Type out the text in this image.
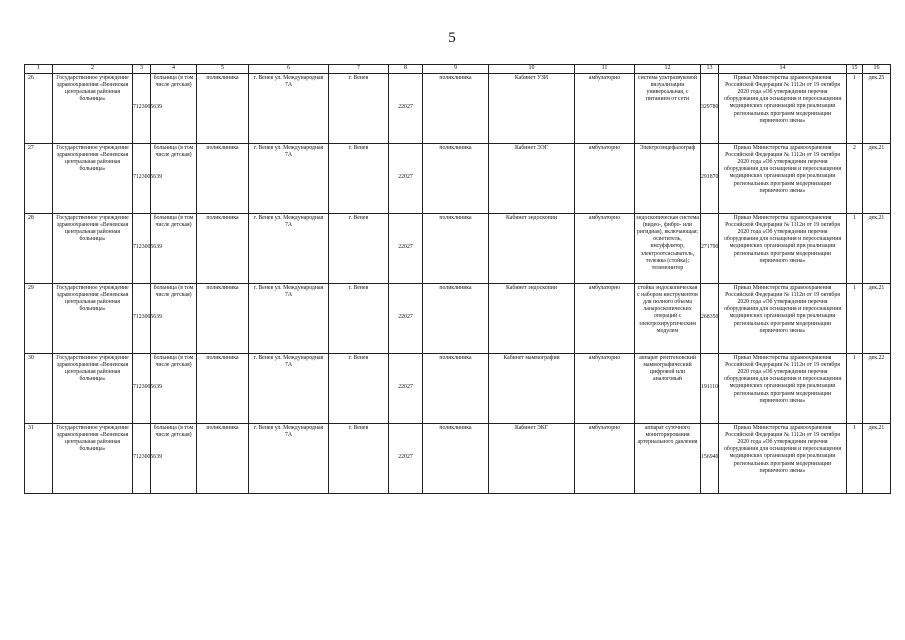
5
1	2	3	4	5	6	7	8	9	10	11	12	13	14	15	16
26	Государственное учреждение здравоохранения «Веневская центральная районная больница»	7123005639	больница (в том числе детская)	поликлиника	г. Венев ул. Международная 7А	г. Венев	22027	поликлиника	Кабинет УЗИ	амбулаторно	система ультразвуковой визуализации универсальная, с питанием от сети	329780	Приказ Министерства здравоохранения Российской Федерации № 1112н от 19 октября 2020 года «Об утверждении перечня оборудования для оснащения и переоснащения медицинских организаций при реализации региональных программ модернизации первичного звена»	1	дек.25
27	Государственное учреждение здравоохранения «Веневская центральная районная больница»	7123005639	больница (в том числе детская)	поликлиника	г. Венев ул. Международная 7А	г. Венев	22027	поликлиника	Кабинет ЭЭГ	амбулаторно	Электроэнцефалограф	291870	Приказ Министерства здравоохранения Российской Федерации № 1112н от 19 октября 2020 года «Об утверждении перечня оборудования для оснащения и переоснащения медицинских организаций при реализации региональных программ модернизации первичного звена»	2	дек.21
28	Государственное учреждение здравоохранения «Веневская центральная районная больница»	7123005639	больница (в том числе детская)	поликлиника	г. Венев ул. Международная 7А	г. Венев	22027	поликлиника	Кабинет эндоскопии	амбулаторно	эндоскопическая система (видео-, фибро- или ригидная), включающая: осветитель, инсуффлятор, электроотсасыватель, тележка (стойка); телемонитор	271790	Приказ Министерства здравоохранения Российской Федерации № 1112н от 19 октября 2020 года «Об утверждении перечня оборудования для оснащения и переоснащения медицинских организаций при реализации региональных программ модернизации первичного звена»	1	дек.21
29	Государственное учреждение здравоохранения «Веневская центральная районная больница»	7123005639	больница (в том числе детская)	поликлиника	г. Венев ул. Международная 7А	г. Венев	22027	поликлиника	Кабинет эндоскопии	амбулаторно	стойка эндоскопическая с набором инструментов для полного объема лапароскопических операций с электрохирургическим модулем	268350	Приказ Министерства здравоохранения Российской Федерации № 1112н от 19 октября 2020 года «Об утверждении перечня оборудования для оснащения и переоснащения медицинских организаций при реализации региональных программ модернизации первичного звена»	1	дек.21
30	Государственное учреждение здравоохранения «Веневская центральная районная больница»	7123005639	больница (в том числе детская)	поликлиника	г. Венев ул. Международная 7А	г. Венев	22027	поликлиника	Кабинет маммографии	амбулаторно	аппарат рентгеновский маммографический цифровой или аналоговый	191110	Приказ Министерства здравоохранения Российской Федерации № 1112н от 19 октября 2020 года «Об утверждении перечня оборудования для оснащения и переоснащения медицинских организаций при реализации региональных программ модернизации первичного звена»	1	дек.22
31	Государственное учреждение здравоохранения «Веневская центральная районная больница»	7123005639	больница (в том числе детская)	поликлиника	г. Венев ул. Международная 7А	г. Венев	22027	поликлиника	Кабинет ЭКГ	амбулаторно	аппарат суточного мониторирования артериального давления	156940	Приказ Министерства здравоохранения Российской Федерации № 1112н от 19 октября 2020 года «Об утверждении перечня оборудования для оснащения и переоснащения медицинских организаций при реализации региональных программ модернизации первичного звена»	1	дек.21
